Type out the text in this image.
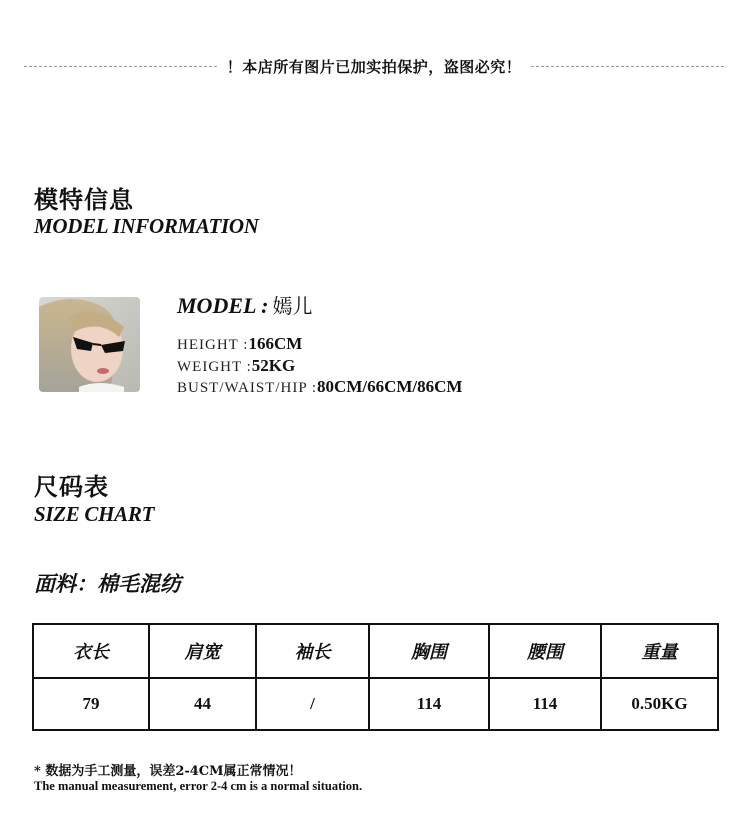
！本店所有图片已加实拍保护，盗图必究！
模特信息
MODEL INFORMATION
MODEL : 嫣儿
HEIGHT :166CM
WEIGHT :52KG
BUST/WAIST/HIP :80CM/66CM/86CM
尺码表
SIZE CHART
面料：棉毛混纺
衣长	肩宽	袖长	胸围	腰围	重量
79	44	/	114	114	0.50KG
* 数据为手工测量，误差2-4CM属正常情况！
The manual measurement, error 2-4 cm is a normal situation.
